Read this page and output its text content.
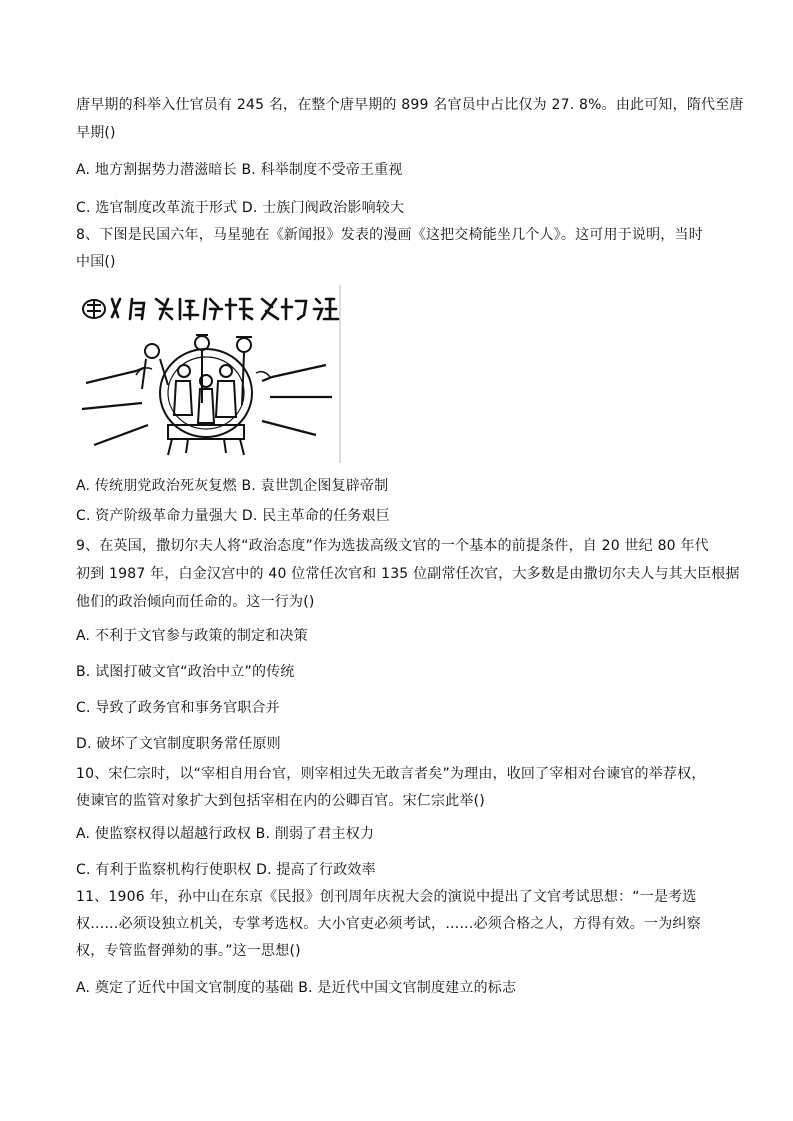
唐早期的科举入仕官员有 245 名，在整个唐早期的 899 名官员中占比仅为 27. 8%。由此可知，隋代至唐
早期()
A. 地方割据势力潜滋暗长 B. 科举制度不受帝王重视
C. 选官制度改革流于形式 D. 士族门阀政治影响较大
8、下图是民国六年，马星驰在《新闻报》发表的漫画《这把交椅能坐几个人》。这可用于说明，当时
中国()
A. 传统朋党政治死灰复燃 B. 袁世凯企图复辟帝制
C. 资产阶级革命力量强大 D. 民主革命的任务艰巨
9、在英国，撒切尔夫人将“政治态度”作为选拔高级文官的一个基本的前提条件，自 20 世纪 80 年代
初到 1987 年，白金汉宫中的 40 位常任次官和 135 位副常任次官，大多数是由撒切尔夫人与其大臣根据
他们的政治倾向而任命的。这一行为()
A. 不利于文官参与政策的制定和决策
B. 试图打破文官“政治中立”的传统
C. 导致了政务官和事务官职合并
D. 破坏了文官制度职务常任原则
10、宋仁宗时，以“宰相自用台官，则宰相过失无敢言者矣”为理由，收回了宰相对台谏官的举荐权，
使谏官的监管对象扩大到包括宰相在内的公卿百官。宋仁宗此举()
A. 使监察权得以超越行政权 B. 削弱了君主权力
C. 有利于监察机构行使职权 D. 提高了行政效率
11、1906 年，孙中山在东京《民报》创刊周年庆祝大会的演说中提出了文官考试思想：“一是考选
权……必须设独立机关，专掌考选权。大小官吏必须考试，……必须合格之人，方得有效。一为纠察
权，专管监督弹劾的事。”这一思想()
A. 奠定了近代中国文官制度的基础 B. 是近代中国文官制度建立的标志
